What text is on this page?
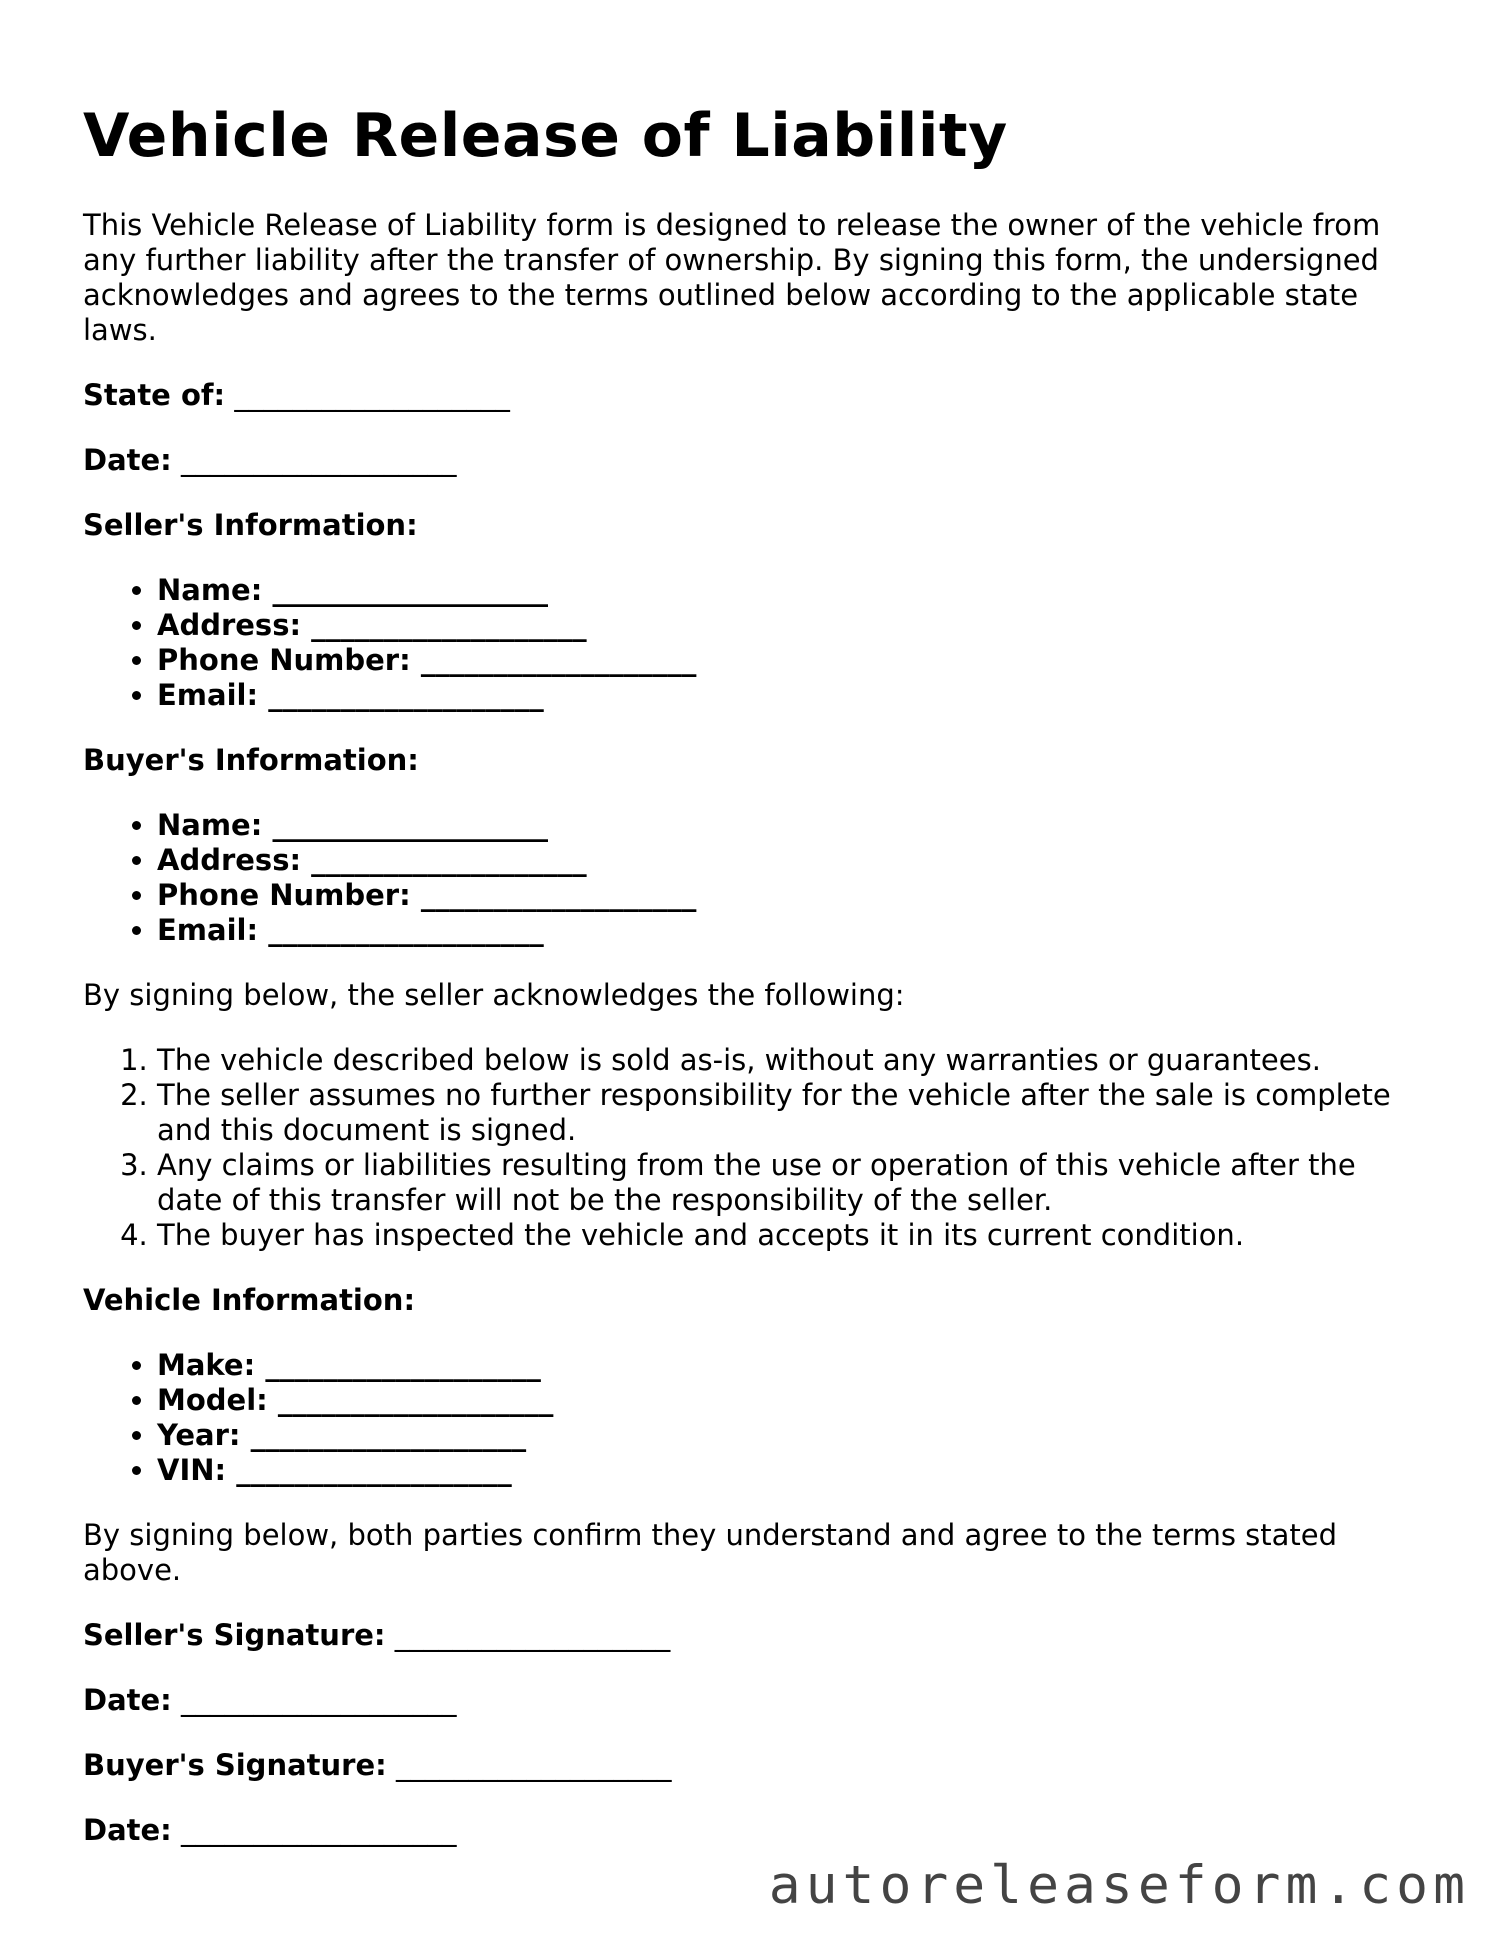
Vehicle Release of Liability

This Vehicle Release of Liability form is designed to release the owner of the vehicle from any further liability after the transfer of ownership. By signing this form, the undersigned acknowledges and agrees to the terms outlined below according to the applicable state laws.

State of: ___________________

Date: ___________________

Seller's Information:

• Name: ___________________
• Address: ___________________
• Phone Number: ___________________
• Email: ___________________

Buyer's Information:

• Name: ___________________
• Address: ___________________
• Phone Number: ___________________
• Email: ___________________

By signing below, the seller acknowledges the following:

1. The vehicle described below is sold as-is, without any warranties or guarantees.
2. The seller assumes no further responsibility for the vehicle after the sale is complete and this document is signed.
3. Any claims or liabilities resulting from the use or operation of this vehicle after the date of this transfer will not be the responsibility of the seller.
4. The buyer has inspected the vehicle and accepts it in its current condition.

Vehicle Information:

• Make: ___________________
• Model: ___________________
• Year: ___________________
• VIN: ___________________

By signing below, both parties confirm they understand and agree to the terms stated above.

Seller's Signature: ___________________

Date: ___________________

Buyer's Signature: ___________________

Date: ___________________

autoreleaseform.com
